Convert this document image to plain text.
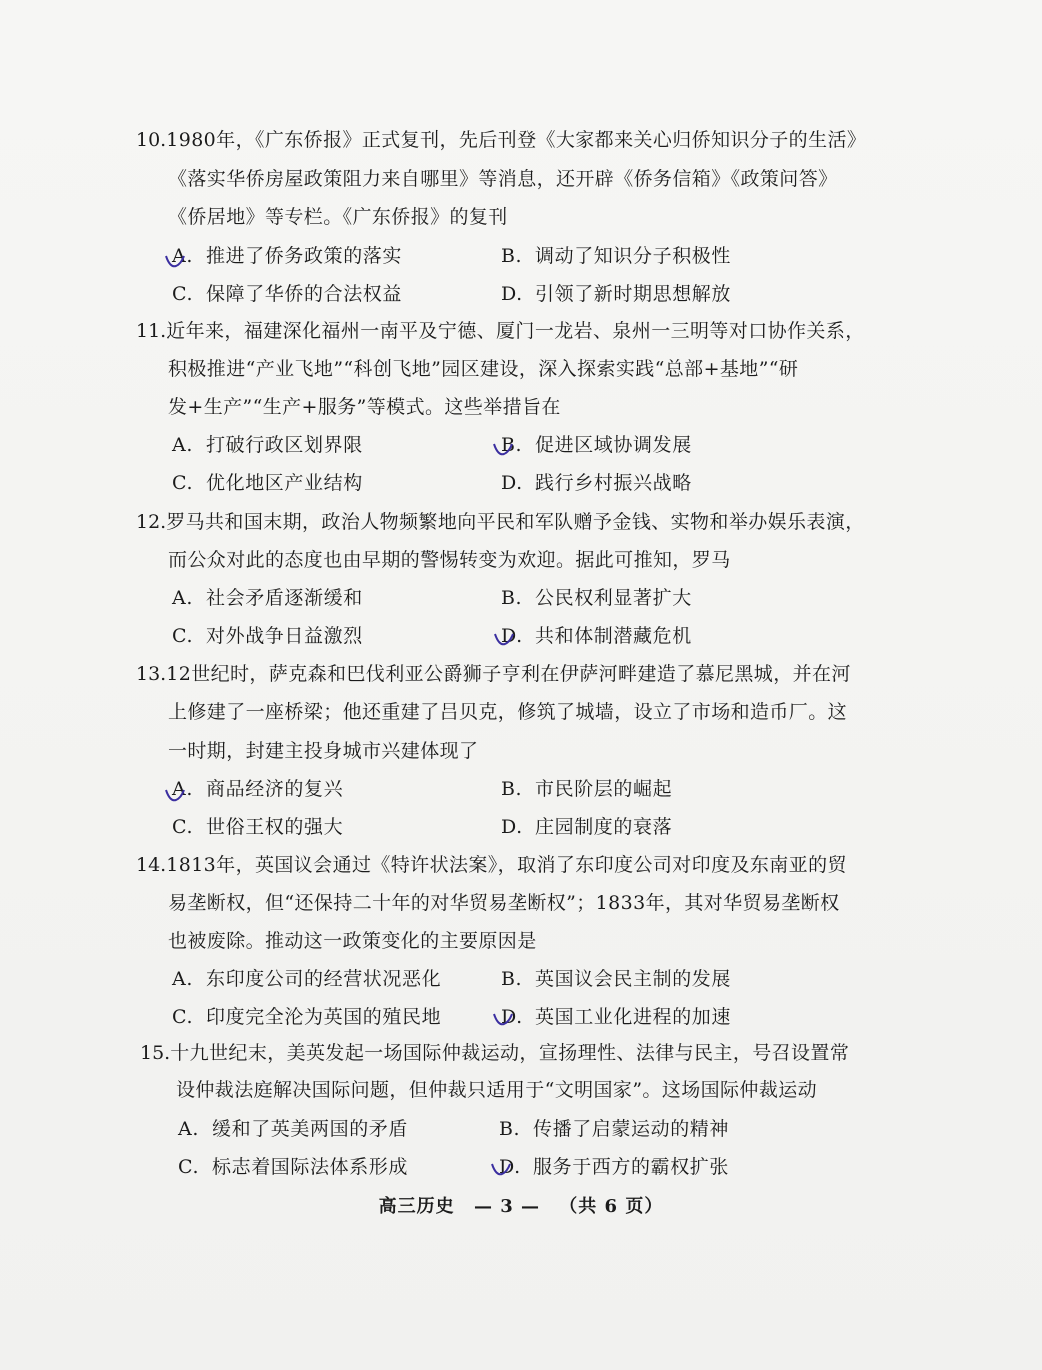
10.1980年，《广东侨报》正式复刊，先后刊登《大家都来关心归侨知识分子的生活》
《落实华侨房屋政策阻力来自哪里》等消息，还开辟《侨务信箱》《政策问答》
《侨居地》等专栏。《广东侨报》的复刊
A. 推进了侨务政策的落实	B. 调动了知识分子积极性
C. 保障了华侨的合法权益	D. 引领了新时期思想解放
11.近年来，福建深化福州一南平及宁德、厦门一龙岩、泉州一三明等对口协作关系，
积极推进“产业飞地”“科创飞地”园区建设，深入探索实践“总部+基地”“研
发+生产”“生产+服务”等模式。这些举措旨在
A. 打破行政区划界限	B. 促进区域协调发展
C. 优化地区产业结构	D. 践行乡村振兴战略
12.罗马共和国末期，政治人物频繁地向平民和军队赠予金钱、实物和举办娱乐表演，
而公众对此的态度也由早期的警惕转变为欢迎。据此可推知，罗马
A. 社会矛盾逐渐缓和	B. 公民权利显著扩大
C. 对外战争日益激烈	D. 共和体制潜藏危机
13.12世纪时，萨克森和巴伐利亚公爵狮子亨利在伊萨河畔建造了慕尼黑城，并在河
上修建了一座桥梁；他还重建了吕贝克，修筑了城墙，设立了市场和造币厂。这
一时期，封建主投身城市兴建体现了
A. 商品经济的复兴	B. 市民阶层的崛起
C. 世俗王权的强大	D. 庄园制度的衰落
14.1813年，英国议会通过《特许状法案》，取消了东印度公司对印度及东南亚的贸
易垄断权，但“还保持二十年的对华贸易垄断权”；1833年，其对华贸易垄断权
也被废除。推动这一政策变化的主要原因是
A. 东印度公司的经营状况恶化	B. 英国议会民主制的发展
C. 印度完全沦为英国的殖民地	D. 英国工业化进程的加速
15.十九世纪末，美英发起一场国际仲裁运动，宣扬理性、法律与民主，号召设置常
设仲裁法庭解决国际问题，但仲裁只适用于“文明国家”。这场国际仲裁运动
A. 缓和了英美两国的矛盾	B. 传播了启蒙运动的精神
C. 标志着国际法体系形成	D. 服务于西方的霸权扩张
高三历史 — 3 — （共 6 页）
